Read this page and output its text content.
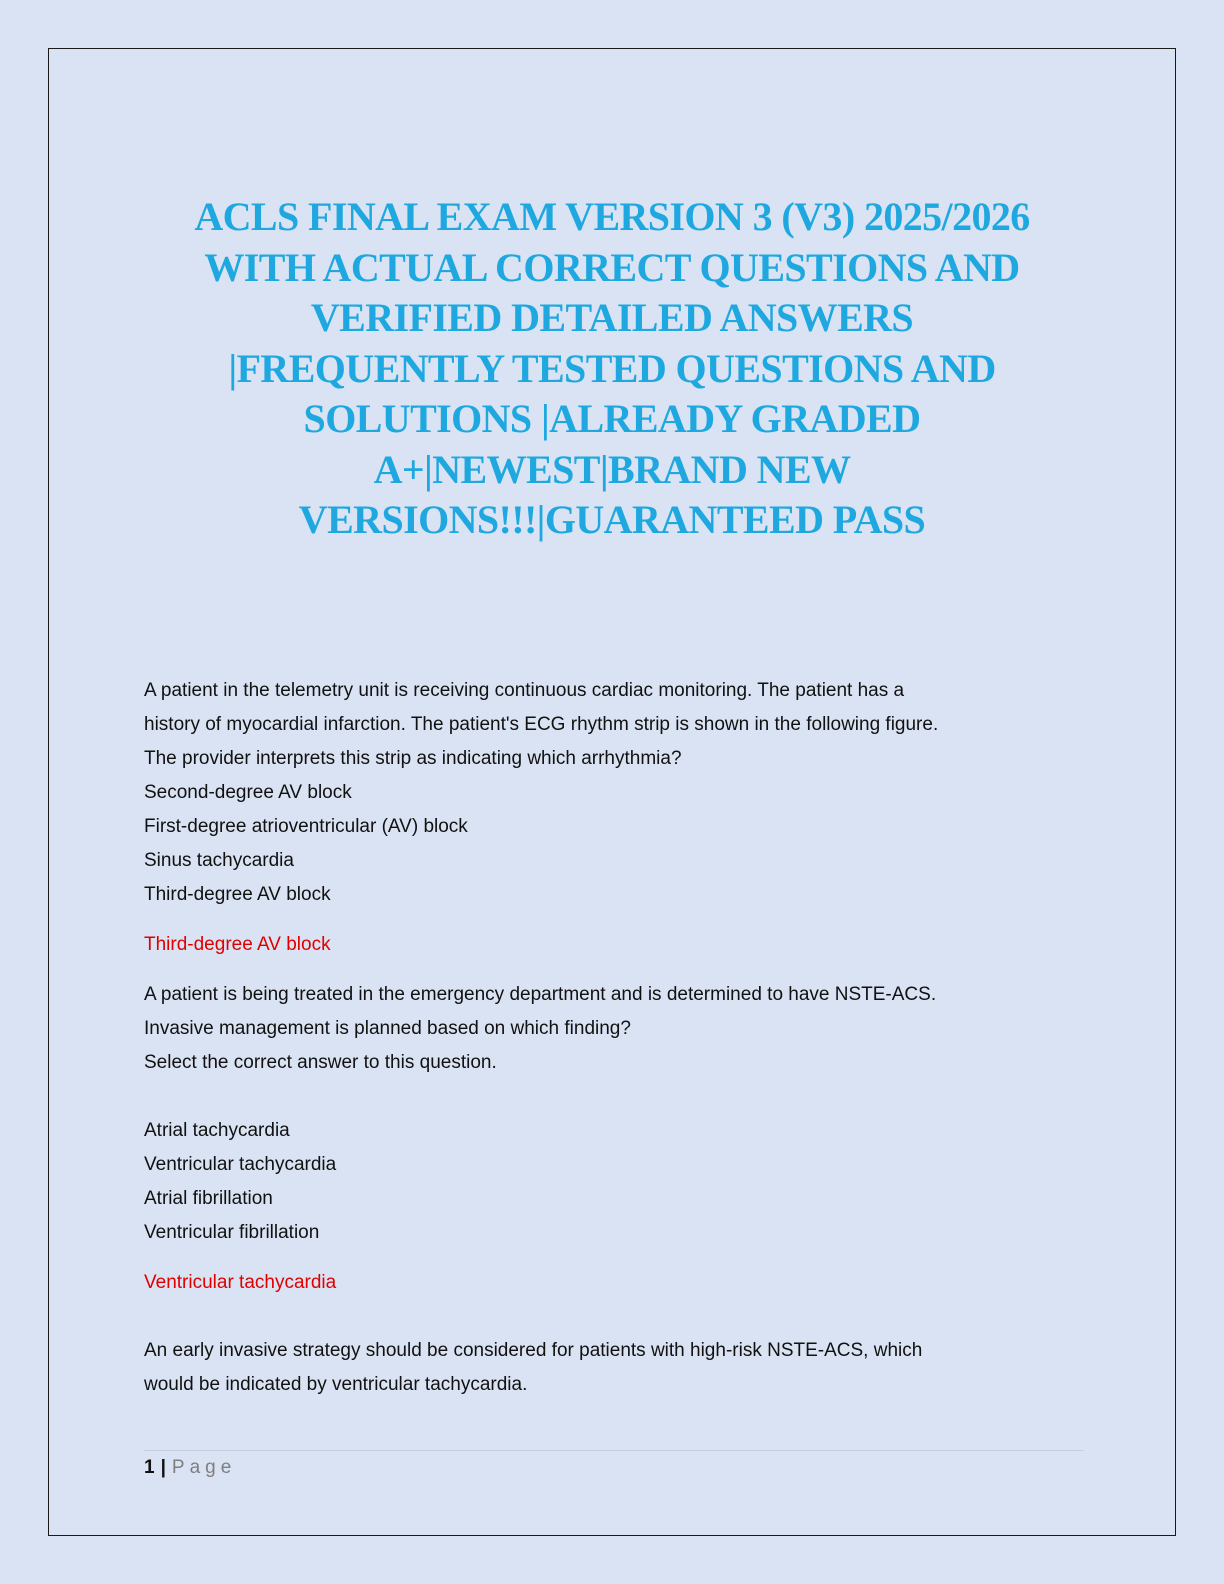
ACLS FINAL EXAM VERSION 3 (V3) 2025/2026
WITH ACTUAL CORRECT QUESTIONS AND
VERIFIED DETAILED ANSWERS
|FREQUENTLY TESTED QUESTIONS AND
SOLUTIONS |ALREADY GRADED
A+|NEWEST|BRAND NEW
VERSIONS!!!|GUARANTEED PASS
A patient in the telemetry unit is receiving continuous cardiac monitoring. The patient has a
history of myocardial infarction. The patient's ECG rhythm strip is shown in the following figure.
The provider interprets this strip as indicating which arrhythmia?
Second-degree AV block
First-degree atrioventricular (AV) block
Sinus tachycardia
Third-degree AV block
Third-degree AV block
A patient is being treated in the emergency department and is determined to have NSTE-ACS.
Invasive management is planned based on which finding?
Select the correct answer to this question.
Atrial tachycardia
Ventricular tachycardia
Atrial fibrillation
Ventricular fibrillation
Ventricular tachycardia
An early invasive strategy should be considered for patients with high-risk NSTE-ACS, which
would be indicated by ventricular tachycardia.
1 | Page
